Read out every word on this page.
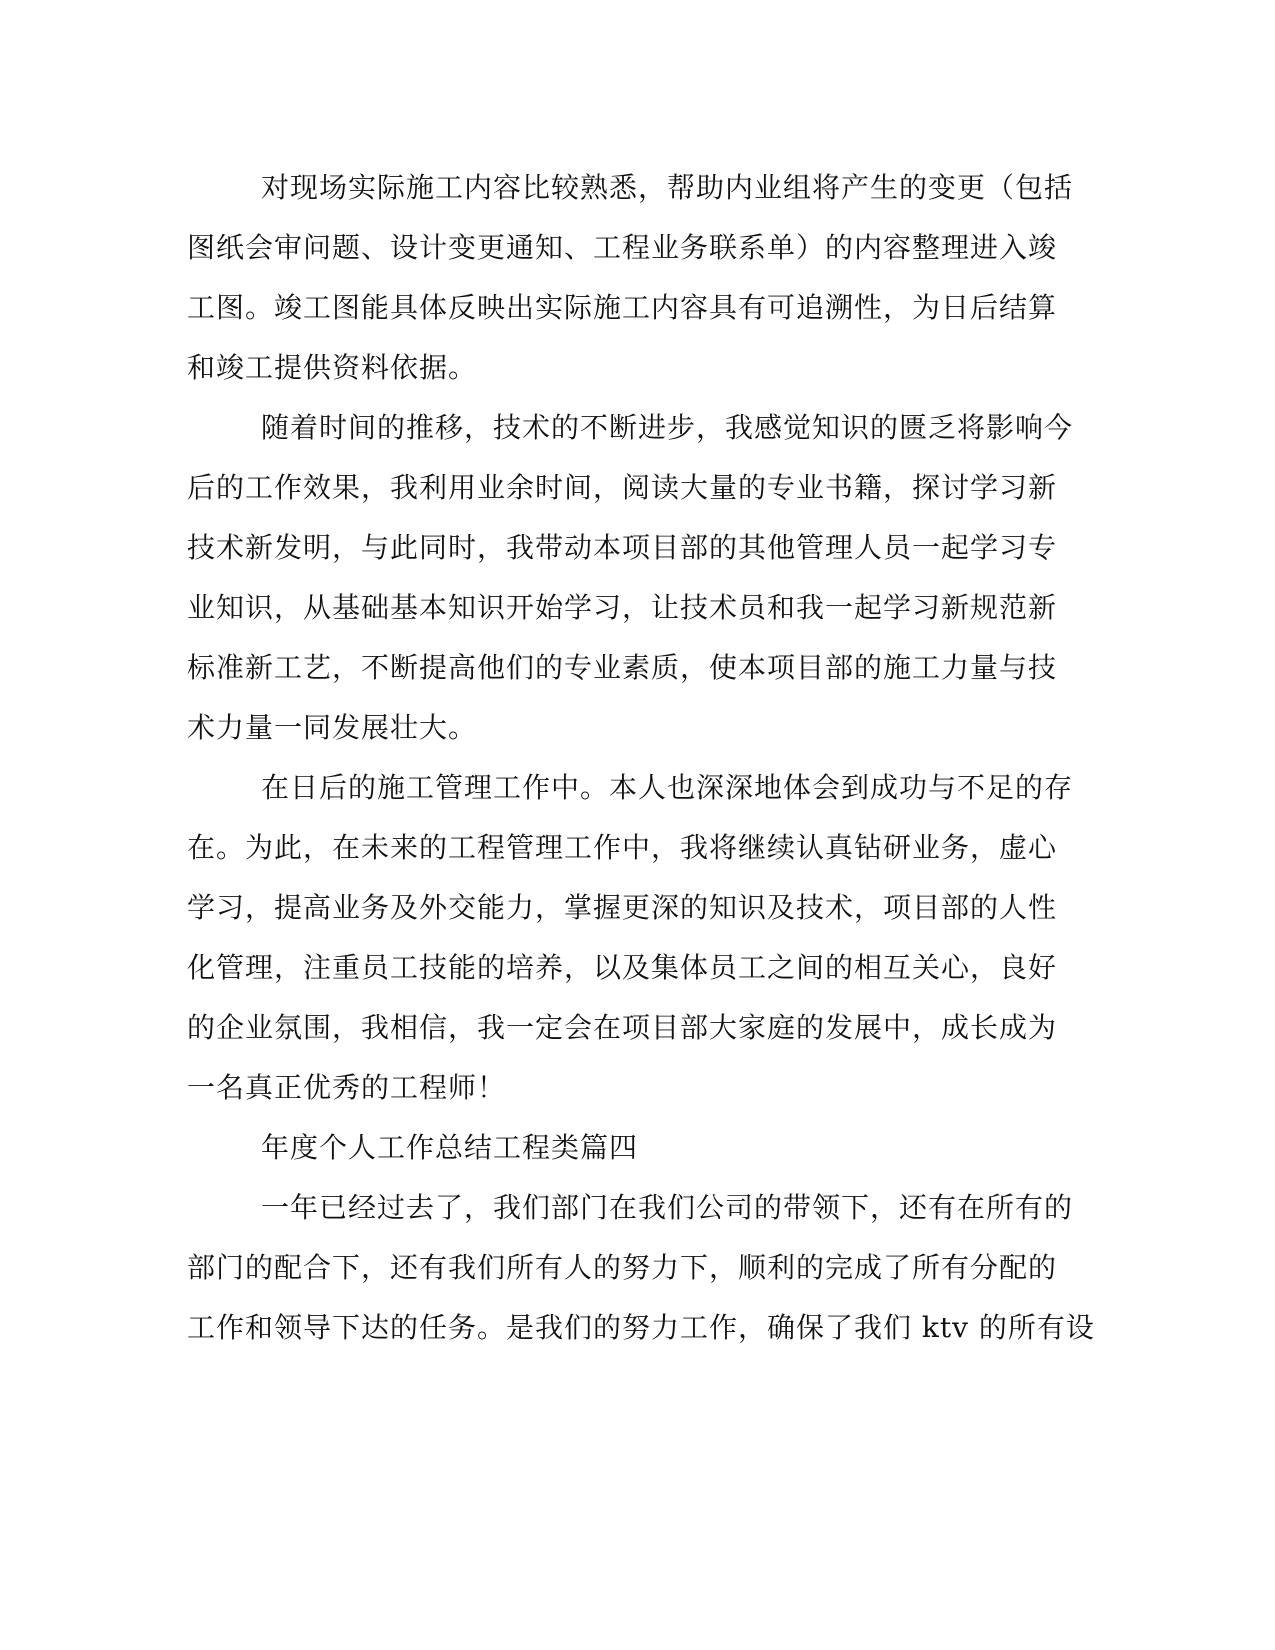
对现场实际施工内容比较熟悉，帮助内业组将产生的变更（包括
图纸会审问题、设计变更通知、工程业务联系单）的内容整理进入竣
工图。竣工图能具体反映出实际施工内容具有可追溯性，为日后结算
和竣工提供资料依据。
随着时间的推移，技术的不断进步，我感觉知识的匮乏将影响今
后的工作效果，我利用业余时间，阅读大量的专业书籍，探讨学习新
技术新发明，与此同时，我带动本项目部的其他管理人员一起学习专
业知识，从基础基本知识开始学习，让技术员和我一起学习新规范新
标准新工艺，不断提高他们的专业素质，使本项目部的施工力量与技
术力量一同发展壮大。
在日后的施工管理工作中。本人也深深地体会到成功与不足的存
在。为此，在未来的工程管理工作中，我将继续认真钻研业务，虚心
学习，提高业务及外交能力，掌握更深的知识及技术，项目部的人性
化管理，注重员工技能的培养，以及集体员工之间的相互关心，良好
的企业氛围，我相信，我一定会在项目部大家庭的发展中，成长成为
一名真正优秀的工程师！
年度个人工作总结工程类篇四
一年已经过去了，我们部门在我们公司的带领下，还有在所有的
部门的配合下，还有我们所有人的努力下，顺利的完成了所有分配的
工作和领导下达的任务。是我们的努力工作，确保了我们 ktv 的所有设
